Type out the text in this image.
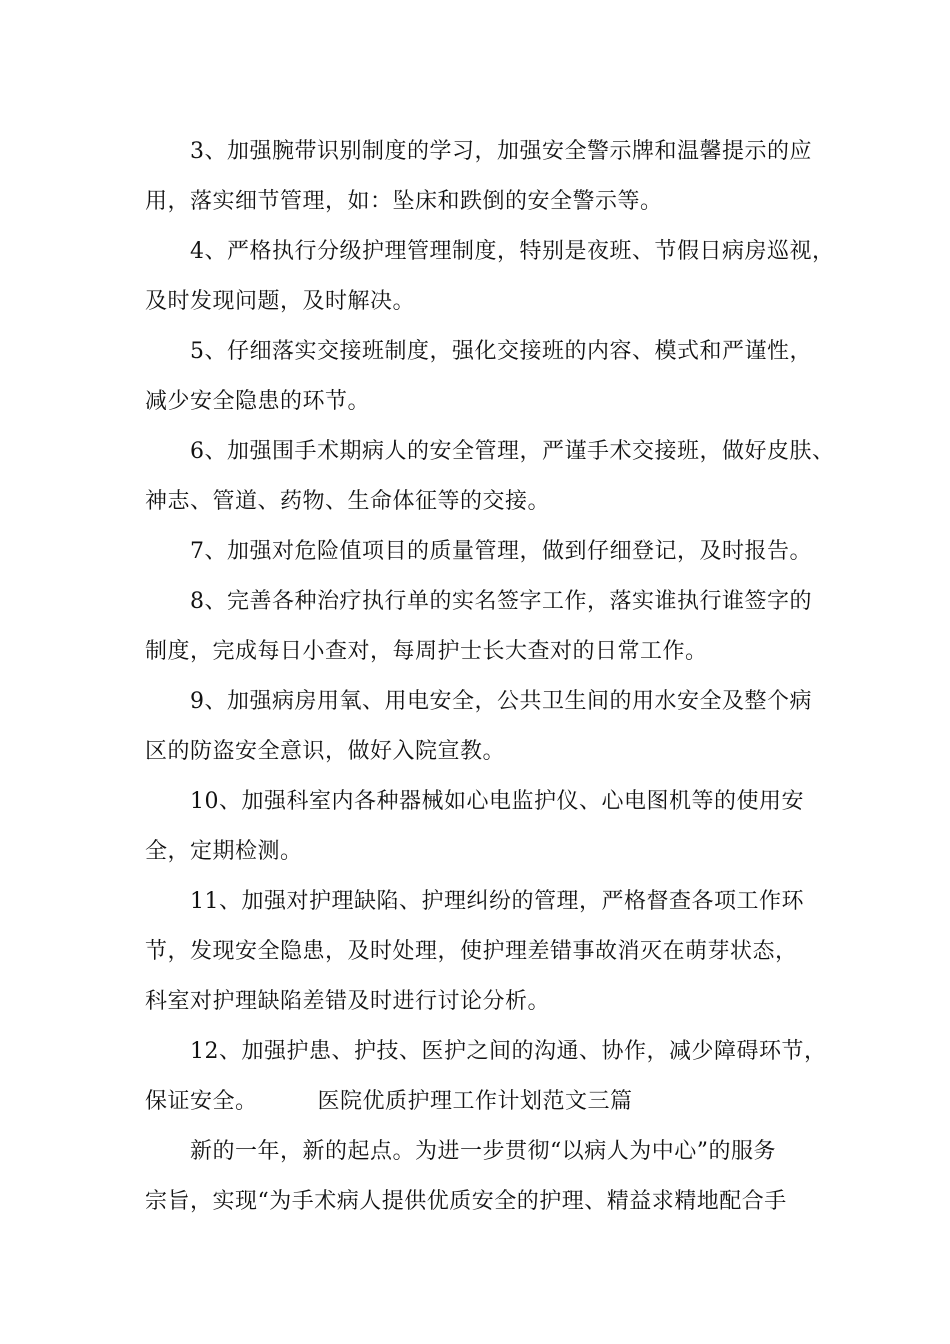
3、加强腕带识别制度的学习，加强安全警示牌和温馨提示的应
用，落实细节管理，如：坠床和跌倒的安全警示等。
4、严格执行分级护理管理制度，特别是夜班、节假日病房巡视，
及时发现问题，及时解决。
5、仔细落实交接班制度，强化交接班的内容、模式和严谨性，
减少安全隐患的环节。
6、加强围手术期病人的安全管理，严谨手术交接班，做好皮肤、
神志、管道、药物、生命体征等的交接。
7、加强对危险值项目的质量管理，做到仔细登记，及时报告。
8、完善各种治疗执行单的实名签字工作，落实谁执行谁签字的
制度，完成每日小查对，每周护士长大查对的日常工作。
9、加强病房用氧、用电安全，公共卫生间的用水安全及整个病
区的防盗安全意识，做好入院宣教。
10、加强科室内各种器械如心电监护仪、心电图机等的使用安
全，定期检测。
11、加强对护理缺陷、护理纠纷的管理，严格督查各项工作环
节，发现安全隐患，及时处理，使护理差错事故消灭在萌芽状态，
科室对护理缺陷差错及时进行讨论分析。
12、加强护患、护技、医护之间的沟通、协作，减少障碍环节，
保证安全。	医院优质护理工作计划范文三篇
新的一年，新的起点。为进一步贯彻“以病人为中心”的服务
宗旨，实现“为手术病人提供优质安全的护理、精益求精地配合手
